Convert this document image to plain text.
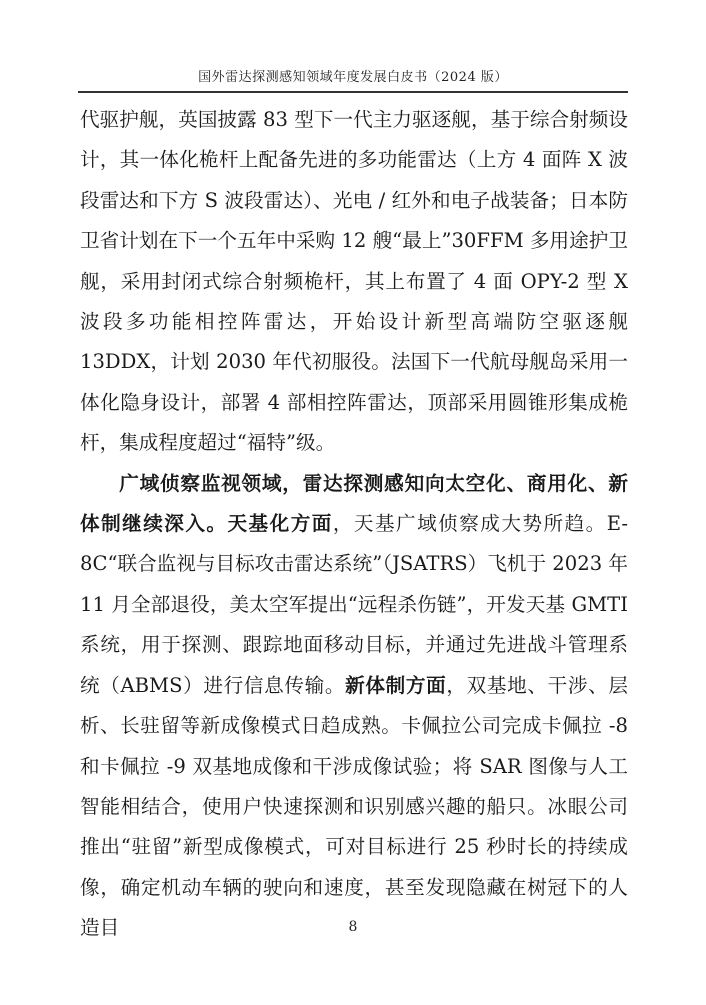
国外雷达探测感知领域年度发展白皮书（2024 版）

代驱护舰，英国披露 83 型下一代主力驱逐舰，基于综合射频设计，其一体化桅杆上配备先进的多功能雷达（上方 4 面阵 X 波段雷达和下方 S 波段雷达）、光电 / 红外和电子战装备；日本防卫省计划在下一个五年中采购 12 艘“最上”30FFM 多用途护卫舰，采用封闭式综合射频桅杆，其上布置了 4 面 OPY-2 型 X 波段多功能相控阵雷达，开始设计新型高端防空驱逐舰 13DDX，计划 2030 年代初服役。法国下一代航母舰岛采用一体化隐身设计，部署 4 部相控阵雷达，顶部采用圆锥形集成桅杆，集成程度超过“福特”级。

广域侦察监视领域，雷达探测感知向太空化、商用化、新体制继续深入。天基化方面，天基广域侦察成大势所趋。E-8C“联合监视与目标攻击雷达系统”（JSATRS）飞机于 2023 年 11 月全部退役，美太空军提出“远程杀伤链”，开发天基 GMTI 系统，用于探测、跟踪地面移动目标，并通过先进战斗管理系统（ABMS）进行信息传输。新体制方面，双基地、干涉、层析、长驻留等新成像模式日趋成熟。卡佩拉公司完成卡佩拉 -8 和卡佩拉 -9 双基地成像和干涉成像试验；将 SAR 图像与人工智能相结合，使用户快速探测和识别感兴趣的船只。冰眼公司推出“驻留”新型成像模式，可对目标进行 25 秒时长的持续成像，确定机动车辆的驶向和速度，甚至发现隐藏在树冠下的人造目	8
